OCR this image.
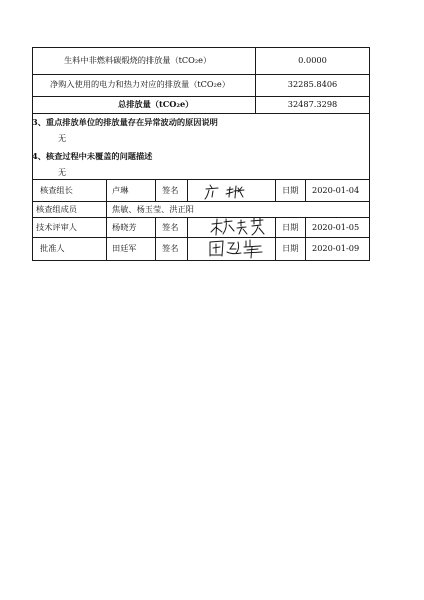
生料中非燃料碳煅烧的排放量（tCO₂e）	0.0000
净购入使用的电力和热力对应的排放量（tCO₂e）	32285.8406
总排放量（tCO₂e）	32487.3298
3、重点排放单位的排放量存在异常波动的原因说明
无
4、核查过程中未覆盖的问题描述
无
核查组长	卢琳	签名	日期 2020-01-04
核查组成员	焦敏、杨玉莹、洪正阳
技术评审人	杨晓芳	签名	日期 2020-01-05
批准人	田廷军	签名	日期 2020-01-09
